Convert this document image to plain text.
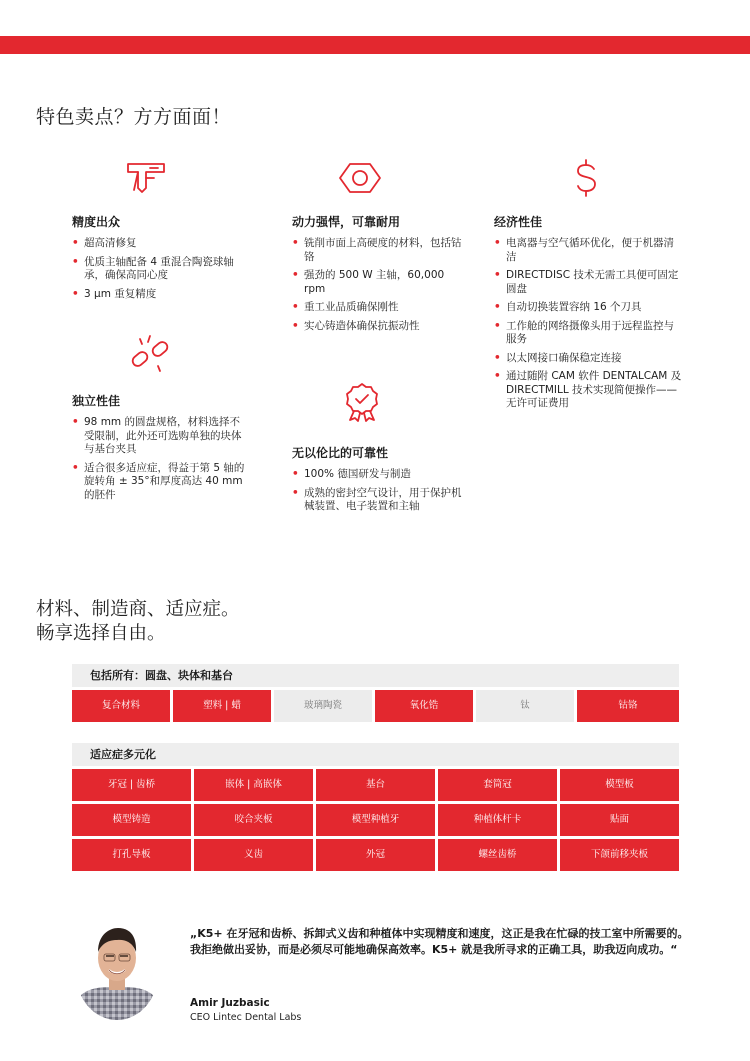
特色卖点？方方面面！
精度出众
• 超高清修复
• 优质主轴配备 4 重混合陶瓷球轴承，确保高同心度
• 3 μm 重复精度
动力强悍，可靠耐用
• 铣削市面上高硬度的材料，包括钴铬
• 强劲的 500 W 主轴，60,000 rpm
• 重工业品质确保刚性
• 实心铸造体确保抗振动性
经济性佳
• 电离器与空气循环优化，便于机器清洁
• DIRECTDISC 技术无需工具便可固定圆盘
• 自动切换装置容纳 16 个刀具
• 工作舱的网络摄像头用于远程监控与服务
• 以太网接口确保稳定连接
• 通过随附 CAM 软件 DENTALCAM 及 DIRECTMILL 技术实现简便操作——无许可证费用
独立性佳
• 98 mm 的圆盘规格，材料选择不受限制，此外还可选购单独的块体与基台夹具
• 适合很多适应症，得益于第 5 轴的旋转角 ± 35°和厚度高达 40 mm 的胚件
无以伦比的可靠性
• 100% 德国研发与制造
• 成熟的密封空气设计，用于保护机械装置、电子装置和主轴
材料、制造商、适应症。
畅享选择自由。
包括所有：圆盘、块体和基台
复合材料	塑料 | 蜡	玻璃陶瓷	氧化锆	钛	钴铬
适应症多元化
牙冠 | 齿桥	嵌体 | 高嵌体	基台	套筒冠	模型板
模型铸造	咬合夹板	模型种植牙	种植体杆卡	贴面
打孔导板	义齿	外冠	螺丝齿桥	下颌前移夹板
„K5+ 在牙冠和齿桥、拆卸式义齿和种植体中实现精度和速度，这正是我在忙碌的技工室中所需要的。我拒绝做出妥协，而是必须尽可能地确保高效率。K5+ 就是我所寻求的正确工具，助我迈向成功。“
Amir Juzbasic
CEO Lintec Dental Labs
